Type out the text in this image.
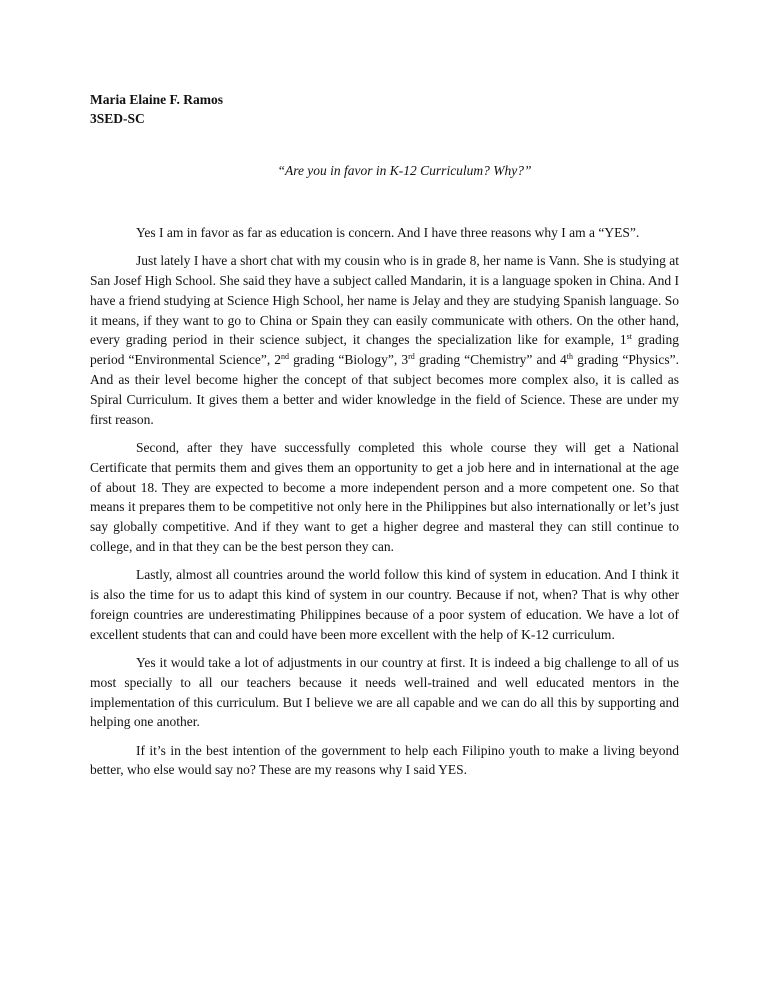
Maria Elaine F. Ramos
3SED-SC
“Are you in favor in K-12 Curriculum? Why?”

Yes I am in favor as far as education is concern. And I have three reasons why I am a “YES”.

Just lately I have a short chat with my cousin who is in grade 8, her name is Vann. She is studying at San Josef High School. She said they have a subject called Mandarin, it is a language spoken in China. And I have a friend studying at Science High School, her name is Jelay and they are studying Spanish language. So it means, if they want to go to China or Spain they can easily communicate with others. On the other hand, every grading period in their science subject, it changes the specialization like for example, 1st grading period “Environmental Science”, 2nd grading “Biology”, 3rd grading “Chemistry” and 4th grading “Physics”. And as their level become higher the concept of that subject becomes more complex also, it is called as Spiral Curriculum. It gives them a better and wider knowledge in the field of Science. These are under my first reason.

Second, after they have successfully completed this whole course they will get a National Certificate that permits them and gives them an opportunity to get a job here and in international at the age of about 18. They are expected to become a more independent person and a more competent one. So that means it prepares them to be competitive not only here in the Philippines but also internationally or let’s just say globally competitive. And if they want to get a higher degree and masteral they can still continue to college, and in that they can be the best person they can.

Lastly, almost all countries around the world follow this kind of system in education. And I think it is also the time for us to adapt this kind of system in our country. Because if not, when? That is why other foreign countries are underestimating Philippines because of a poor system of education. We have a lot of excellent students that can and could have been more excellent with the help of K-12 curriculum.

Yes it would take a lot of adjustments in our country at first. It is indeed a big challenge to all of us most specially to all our teachers because it needs well-trained and well educated mentors in the implementation of this curriculum. But I believe we are all capable and we can do all this by supporting and helping one another.

If it’s in the best intention of the government to help each Filipino youth to make a living beyond better, who else would say no? These are my reasons why I said YES.
